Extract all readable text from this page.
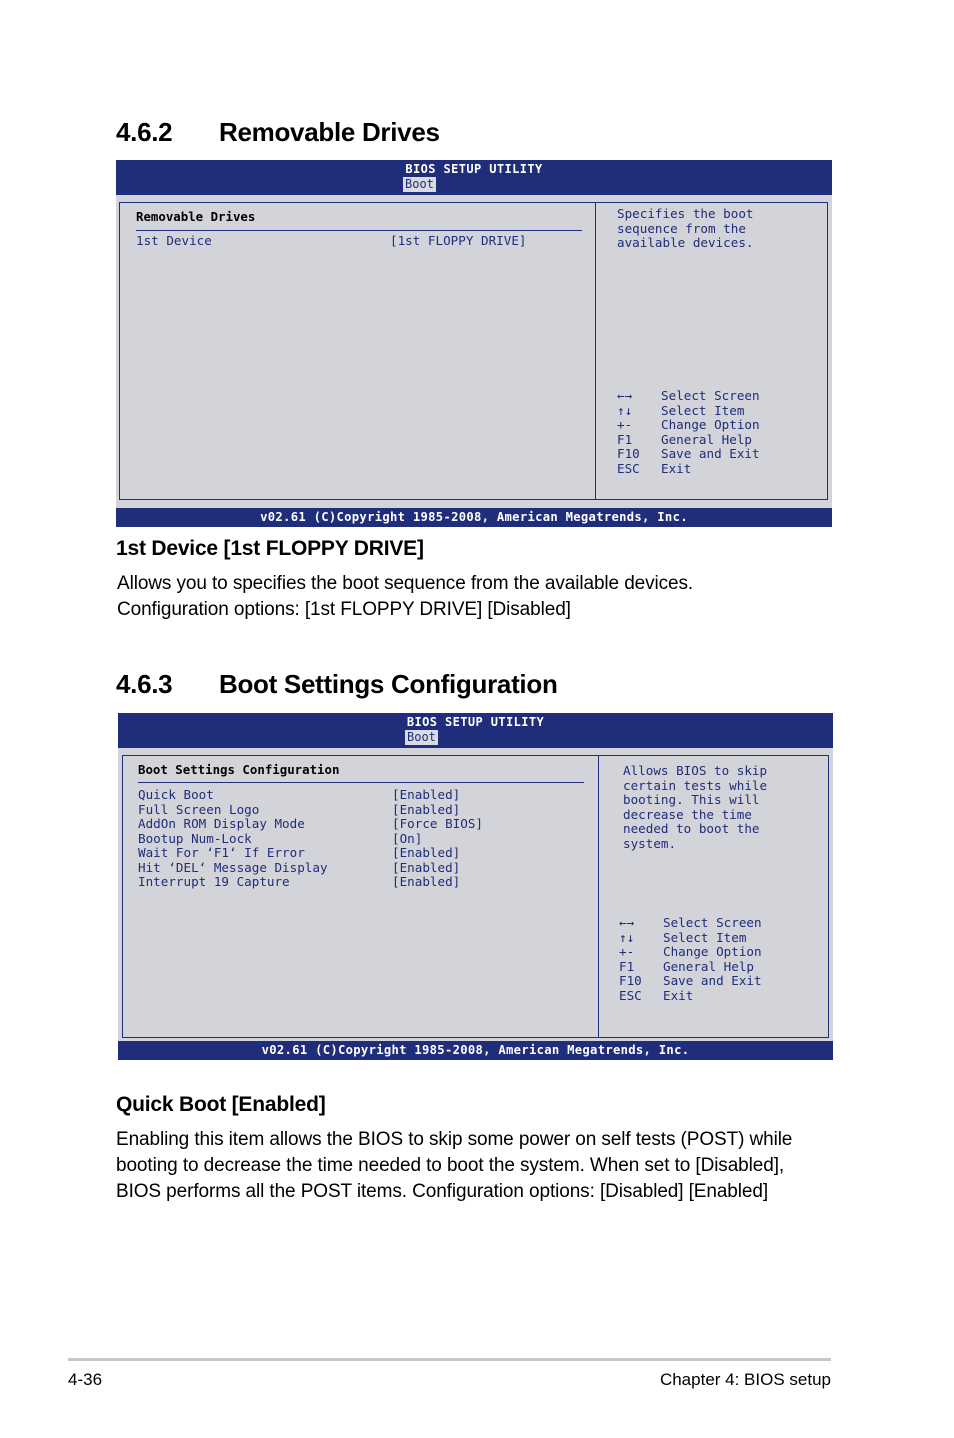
4.6.2 Removable Drives
BIOS SETUP UTILITY
Boot
Removable Drives
1st Device	[1st FLOPPY DRIVE]
Specifies the boot
sequence from the
available devices.
←→ Select Screen
↑↓ Select Item
+- Change Option
F1 General Help
F10 Save and Exit
ESC Exit
v02.61 (C)Copyright 1985-2008, American Megatrends, Inc.
1st Device [1st FLOPPY DRIVE]
Allows you to specifies the boot sequence from the available devices.
Configuration options: [1st FLOPPY DRIVE] [Disabled]
4.6.3 Boot Settings Configuration
BIOS SETUP UTILITY
Boot
Boot Settings Configuration
Quick Boot	[Enabled]
Full Screen Logo	[Enabled]
AddOn ROM Display Mode	[Force BIOS]
Bootup Num-Lock	[On]
Wait For ‘F1‘ If Error	[Enabled]
Hit ‘DEL‘ Message Display	[Enabled]
Interrupt 19 Capture	[Enabled]
Allows BIOS to skip
certain tests while
booting. This will
decrease the time
needed to boot the
system.
←→ Select Screen
↑↓ Select Item
+- Change Option
F1 General Help
F10 Save and Exit
ESC Exit
v02.61 (C)Copyright 1985-2008, American Megatrends, Inc.
Quick Boot [Enabled]
Enabling this item allows the BIOS to skip some power on self tests (POST) while
booting to decrease the time needed to boot the system. When set to [Disabled],
BIOS performs all the POST items. Configuration options: [Disabled] [Enabled]
4-36	Chapter 4: BIOS setup
